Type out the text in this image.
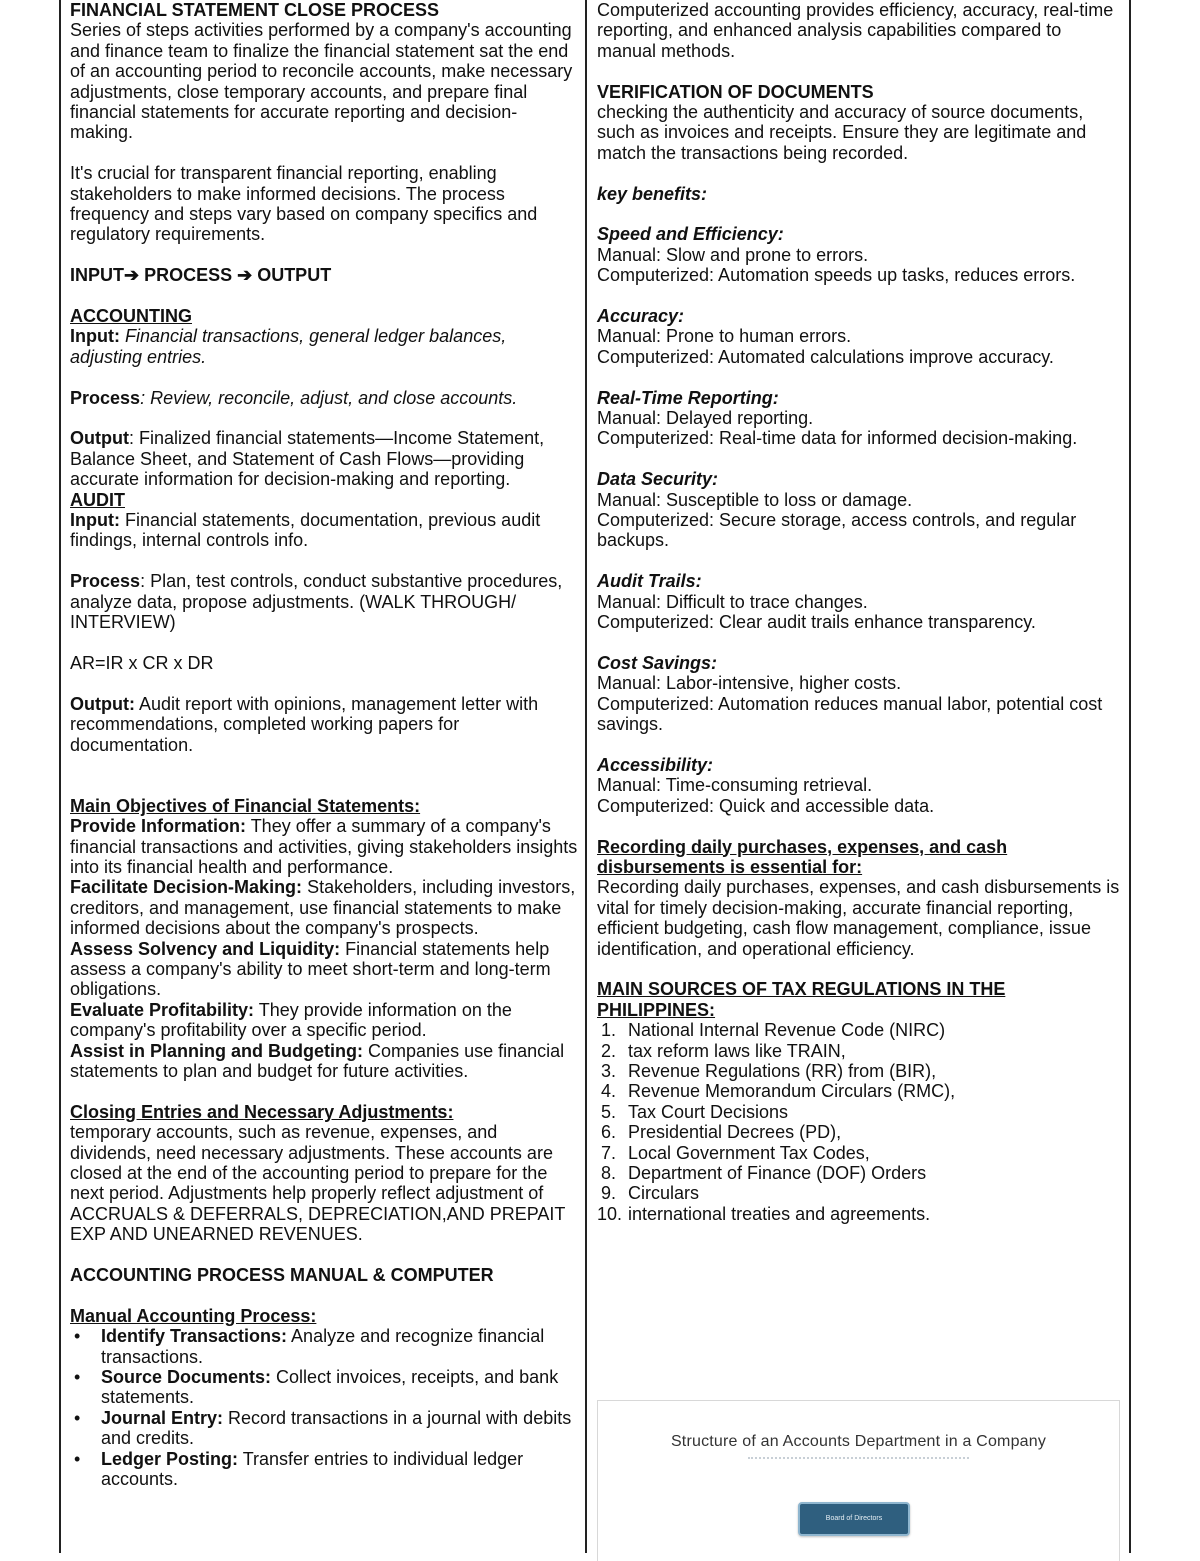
FINANCIAL STATEMENT CLOSE PROCESS

Series of steps activities performed by a company's accounting and finance team to finalize the financial statement sat the end of an accounting period to reconcile accounts, make necessary adjustments, close temporary accounts, and prepare final financial statements for accurate reporting and decision-making.

It's crucial for transparent financial reporting, enabling stakeholders to make informed decisions. The process frequency and steps vary based on company specifics and regulatory requirements.

INPUT➔ PROCESS ➔ OUTPUT

ACCOUNTING

Input: Financial transactions, general ledger balances, adjusting entries.

Process: Review, reconcile, adjust, and close accounts.

Output: Finalized financial statements—Income Statement, Balance Sheet, and Statement of Cash Flows—providing accurate information for decision-making and reporting.

AUDIT

Input: Financial statements, documentation, previous audit findings, internal controls info.

Process: Plan, test controls, conduct substantive procedures, analyze data, propose adjustments. (WALK THROUGH/ INTERVIEW)

AR=IR x CR x DR

Output: Audit report with opinions, management letter with recommendations, completed working papers for documentation.

Main Objectives of Financial Statements:

Provide Information: They offer a summary of a company's financial transactions and activities, giving stakeholders insights into its financial health and performance.

Facilitate Decision-Making: Stakeholders, including investors, creditors, and management, use financial statements to make informed decisions about the company's prospects.

Assess Solvency and Liquidity: Financial statements help assess a company's ability to meet short-term and long-term obligations.

Evaluate Profitability: They provide information on the company's profitability over a specific period.

Assist in Planning and Budgeting: Companies use financial statements to plan and budget for future activities.

Closing Entries and Necessary Adjustments:

temporary accounts, such as revenue, expenses, and dividends, need necessary adjustments. These accounts are closed at the end of the accounting period to prepare for the next period. Adjustments help properly reflect adjustment of ACCRUALS & DEFERRALS, DEPRECIATION,AND PREPAIT EXP AND UNEARNED REVENUES.

ACCOUNTING PROCESS MANUAL & COMPUTER

Manual Accounting Process:

• Identify Transactions: Analyze and recognize financial transactions.
• Source Documents: Collect invoices, receipts, and bank statements.
• Journal Entry: Record transactions in a journal with debits and credits.
• Ledger Posting: Transfer entries to individual ledger accounts.

Computerized accounting provides efficiency, accuracy, real-time reporting, and enhanced analysis capabilities compared to manual methods.

VERIFICATION OF DOCUMENTS

checking the authenticity and accuracy of source documents, such as invoices and receipts. Ensure they are legitimate and match the transactions being recorded.

key benefits:

Speed and Efficiency:

Manual: Slow and prone to errors.

Computerized: Automation speeds up tasks, reduces errors.

Accuracy:

Manual: Prone to human errors.

Computerized: Automated calculations improve accuracy.

Real-Time Reporting:

Manual: Delayed reporting.

Computerized: Real-time data for informed decision-making.

Data Security:

Manual: Susceptible to loss or damage.

Computerized: Secure storage, access controls, and regular backups.

Audit Trails:

Manual: Difficult to trace changes.

Computerized: Clear audit trails enhance transparency.

Cost Savings:

Manual: Labor-intensive, higher costs.

Computerized: Automation reduces manual labor, potential cost savings.

Accessibility:

Manual: Time-consuming retrieval.

Computerized: Quick and accessible data.

Recording daily purchases, expenses, and cash disbursements is essential for:

Recording daily purchases, expenses, and cash disbursements is vital for timely decision-making, accurate financial reporting, efficient budgeting, cash flow management, compliance, issue identification, and operational efficiency.

MAIN SOURCES OF TAX REGULATIONS IN THE PHILIPPINES:

1. National Internal Revenue Code (NIRC)
2. tax reform laws like TRAIN,
3. Revenue Regulations (RR) from (BIR),
4. Revenue Memorandum Circulars (RMC),
5. Tax Court Decisions
6. Presidential Decrees (PD),
7. Local Government Tax Codes,
8. Department of Finance (DOF) Orders
9. Circulars
10. international treaties and agreements.
Structure of an Accounts Department in a Company
Board of Directors
